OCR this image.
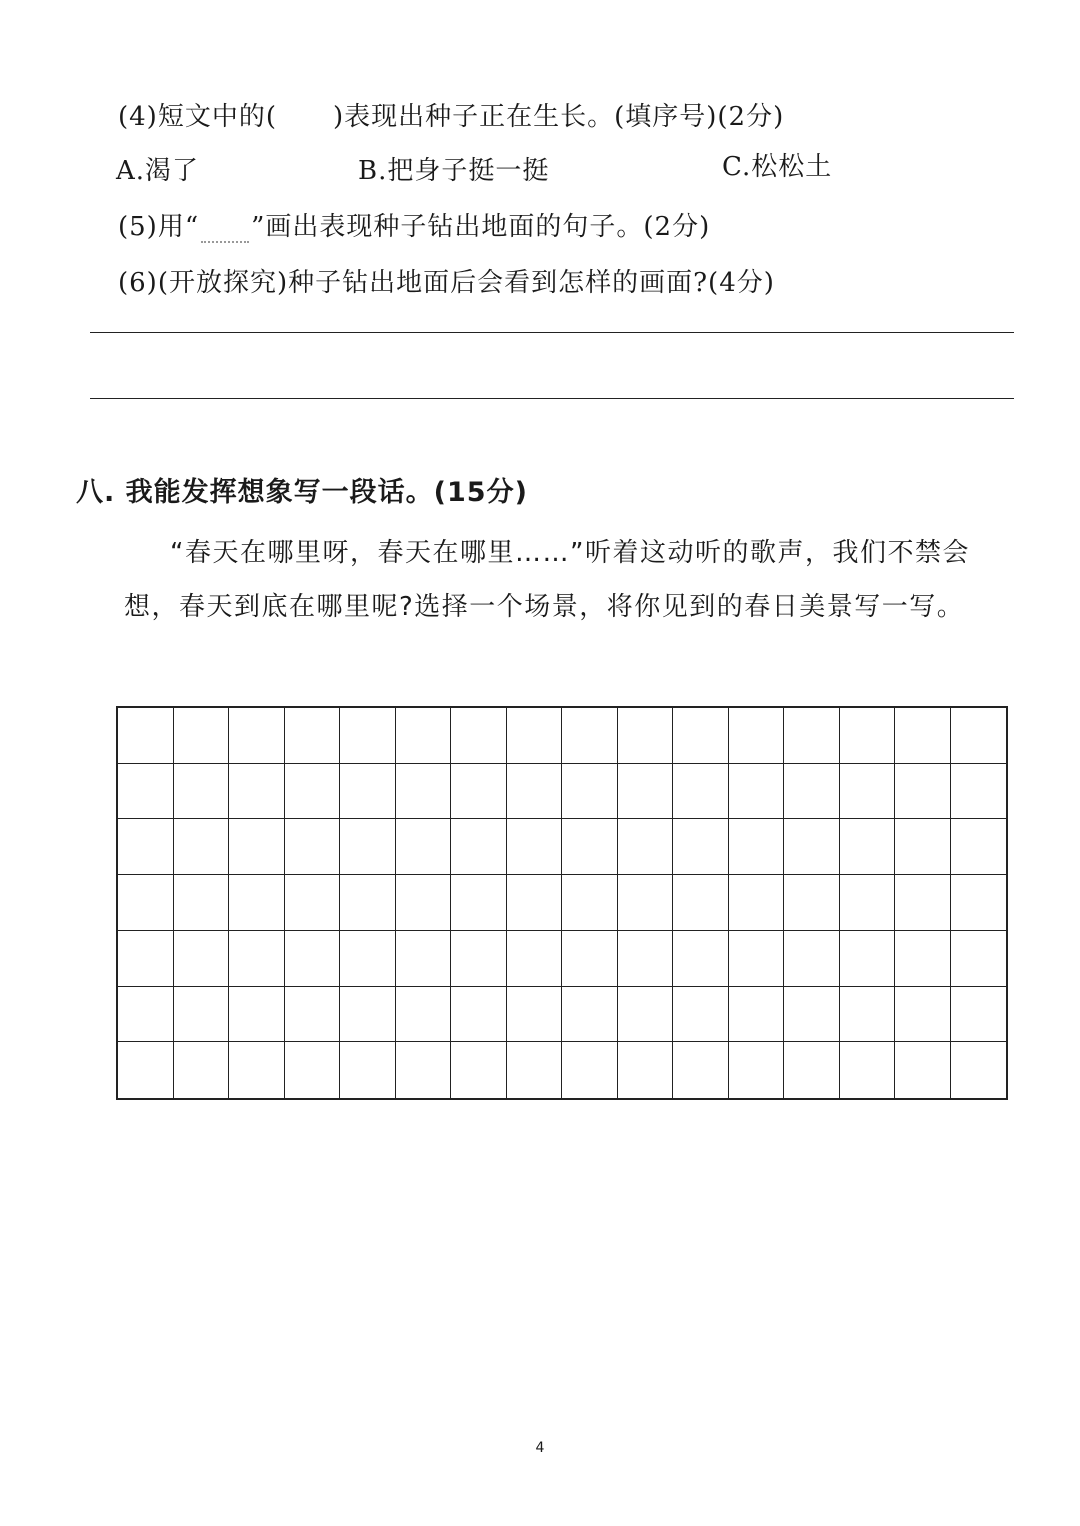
(4)短文中的( )表现出种子正在生长。(填序号)(2分)
A.渴了	B.把身子挺一挺	C.松松土
(5)用“ ”画出表现种子钻出地面的句子。(2分)
(6)(开放探究)种子钻出地面后会看到怎样的画面?(4分)
八. 我能发挥想象写一段话。(15分)
“春天在哪里呀，春天在哪里……”听着这动听的歌声，我们不禁会
想，春天到底在哪里呢?选择一个场景，将你见到的春日美景写一写。
4
